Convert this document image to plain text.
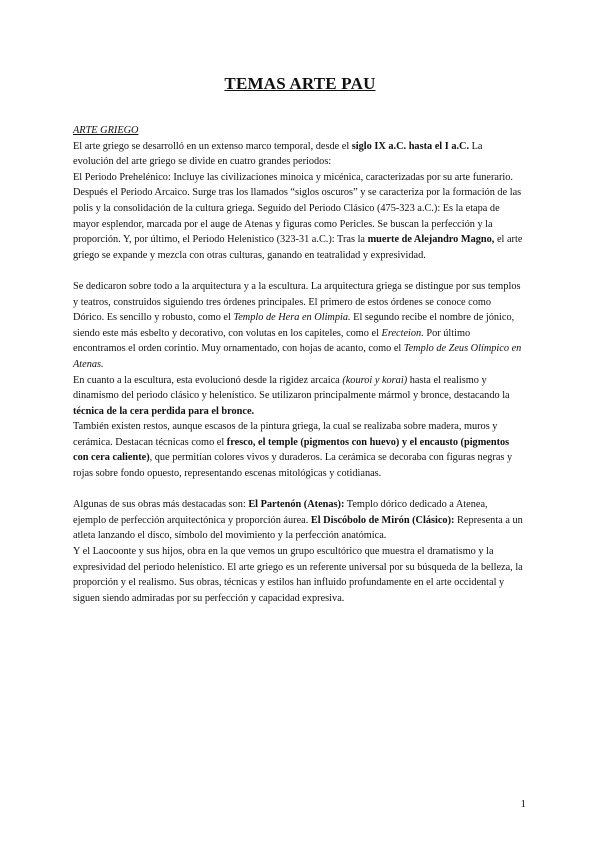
TEMAS ARTE PAU

ARTE GRIEGO

El arte griego se desarrolló en un extenso marco temporal, desde el siglo IX a.C. hasta el I a.C. La evolución del arte griego se divide en cuatro grandes periodos:

El Periodo Prehelénico: Incluye las civilizaciones minoica y micénica, caracterizadas por su arte funerario. Después el Periodo Arcaico. Surge tras los llamados “siglos oscuros” y se caracteriza por la formación de las polis y la consolidación de la cultura griega. Seguido del Periodo Clásico (475-323 a.C.): Es la etapa de mayor esplendor, marcada por el auge de Atenas y figuras como Pericles. Se buscan la perfección y la proporción. Y, por último, el Periodo Helenístico (323-31 a.C.): Tras la muerte de Alejandro Magno, el arte griego se expande y mezcla con otras culturas, ganando en teatralidad y expresividad.

Se dedicaron sobre todo a la arquitectura y a la escultura. La arquitectura griega se distingue por sus templos y teatros, construidos siguiendo tres órdenes principales. El primero de estos órdenes se conoce como Dórico. Es sencillo y robusto, como el Templo de Hera en Olimpia. El segundo recibe el nombre de jónico, siendo este más esbelto y decorativo, con volutas en los capiteles, como el Erecteion. Por último encontramos el orden corintio. Muy ornamentado, con hojas de acanto, como el Templo de Zeus Olímpico en Atenas.

En cuanto a la escultura, esta evolucionó desde la rigidez arcaica (kouroi y korai) hasta el realismo y dinamismo del periodo clásico y helenístico. Se utilizaron principalmente mármol y bronce, destacando la técnica de la cera perdida para el bronce.

También existen restos, aunque escasos de la pintura griega, la cual se realizaba sobre madera, muros y cerámica. Destacan técnicas como el fresco, el temple (pigmentos con huevo) y el encausto (pigmentos con cera caliente), que permitían colores vivos y duraderos. La cerámica se decoraba con figuras negras y rojas sobre fondo opuesto, representando escenas mitológicas y cotidianas.

Algunas de sus obras más destacadas son: El Partenón (Atenas): Templo dórico dedicado a Atenea, ejemplo de perfección arquitectónica y proporción áurea. El Discóbolo de Mirón (Clásico): Representa a un atleta lanzando el disco, símbolo del movimiento y la perfección anatómica.

Y el Laocoonte y sus hijos, obra en la que vemos un grupo escultórico que muestra el dramatismo y la expresividad del periodo helenístico. El arte griego es un referente universal por su búsqueda de la belleza, la proporción y el realismo. Sus obras, técnicas y estilos han influido profundamente en el arte occidental y siguen siendo admiradas por su perfección y capacidad expresiva.

1
